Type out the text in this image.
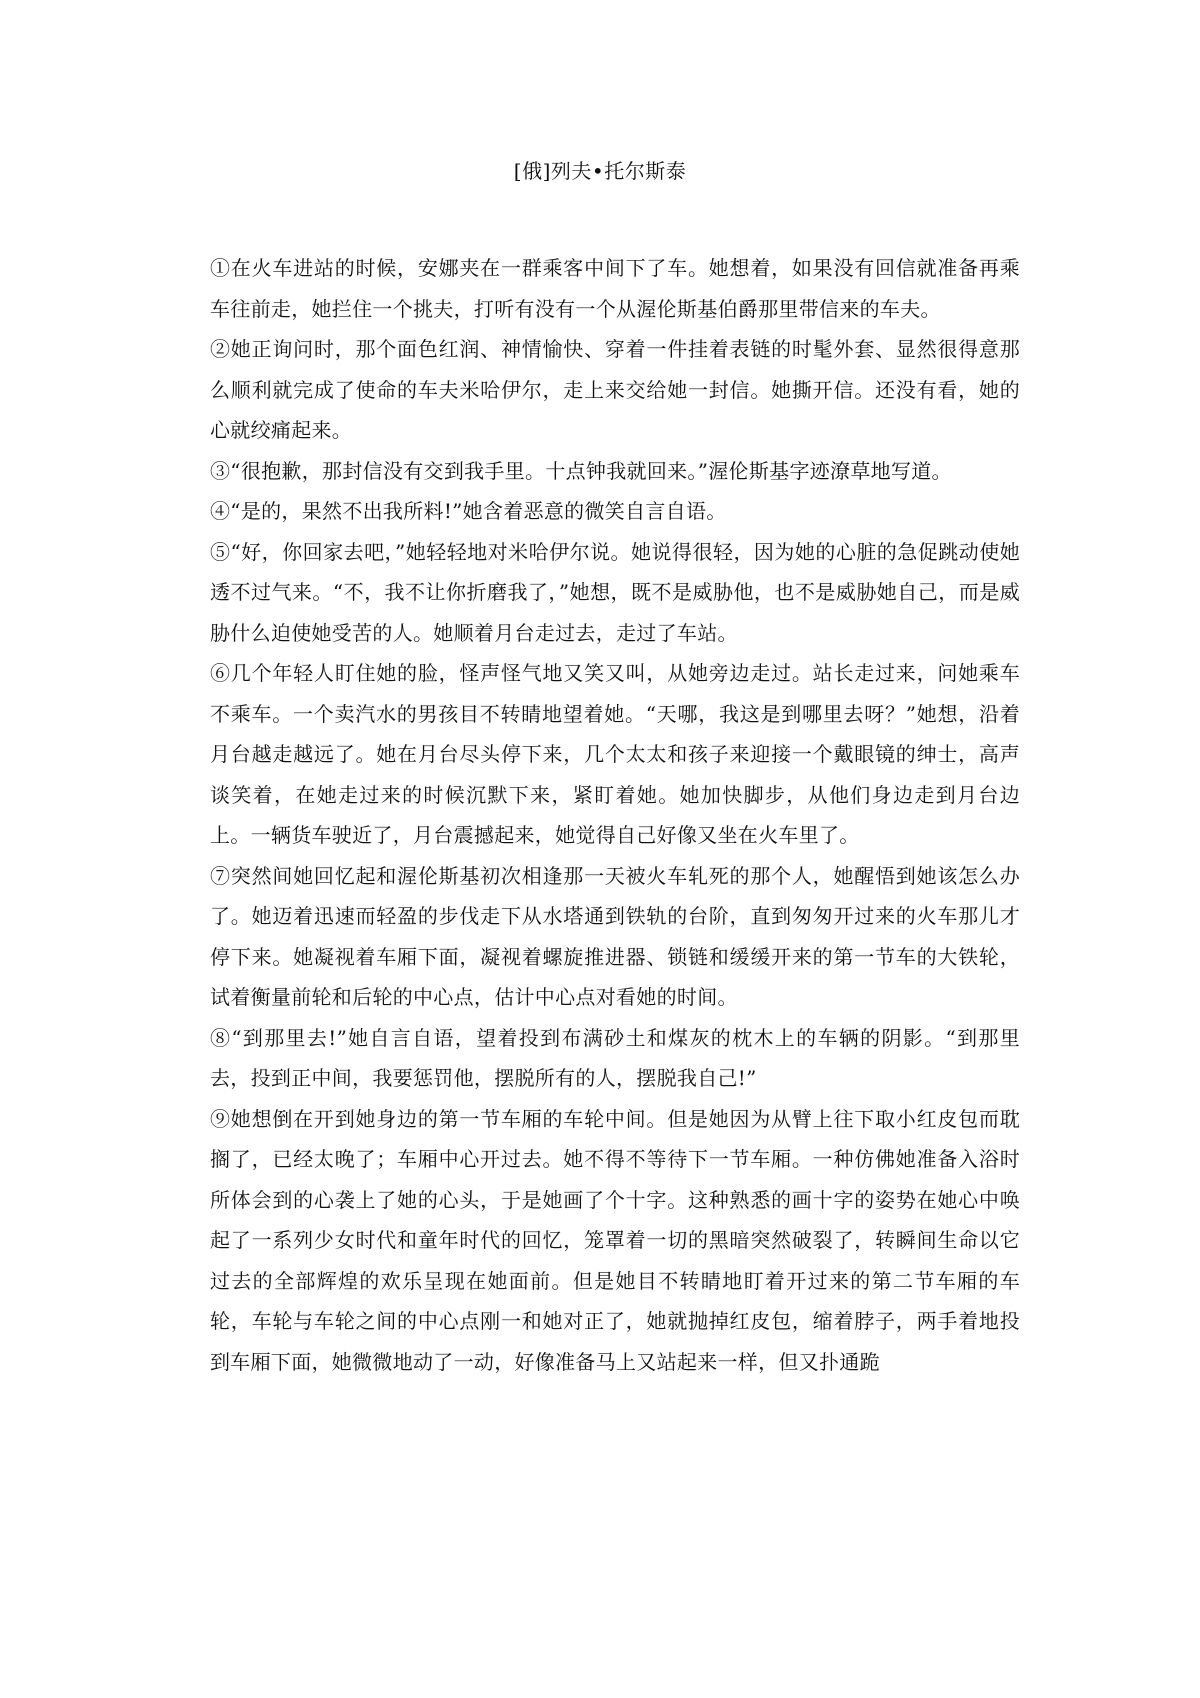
[俄]列夫•托尔斯泰

①在火车进站的时候，安娜夹在一群乘客中间下了车。她想着，如果没有回信就准备再乘车往前走，她拦住一个挑夫，打听有没有一个从渥伦斯基伯爵那里带信来的车夫。

②她正询问时，那个面色红润、神情愉快、穿着一件挂着表链的时髦外套、显然很得意那么顺利就完成了使命的车夫米哈伊尔，走上来交给她一封信。她撕开信。还没有看，她的心就绞痛起来。

③“很抱歉，那封信没有交到我手里。十点钟我就回来。”渥伦斯基字迹潦草地写道。

④“是的，果然不出我所料!”她含着恶意的微笑自言自语。

⑤“好，你回家去吧，”她轻轻地对米哈伊尔说。她说得很轻，因为她的心脏的急促跳动使她透不过气来。“不，我不让你折磨我了，”她想，既不是威胁他，也不是威胁她自己，而是威胁什么迫使她受苦的人。她顺着月台走过去，走过了车站。

⑥几个年轻人盯住她的脸，怪声怪气地又笑又叫，从她旁边走过。站长走过来，问她乘车不乘车。一个卖汽水的男孩目不转睛地望着她。“天哪，我这是到哪里去呀？”她想，沿着月台越走越远了。她在月台尽头停下来，几个太太和孩子来迎接一个戴眼镜的绅士，高声谈笑着，在她走过来的时候沉默下来，紧盯着她。她加快脚步，从他们身边走到月台边上。一辆货车驶近了，月台震撼起来，她觉得自己好像又坐在火车里了。

⑦突然间她回忆起和渥伦斯基初次相逢那一天被火车轧死的那个人，她醒悟到她该怎么办了。她迈着迅速而轻盈的步伐走下从水塔通到铁轨的台阶，直到匆匆开过来的火车那儿才停下来。她凝视着车厢下面，凝视着螺旋推进器、锁链和缓缓开来的第一节车的大铁轮，试着衡量前轮和后轮的中心点，估计中心点对看她的时间。

⑧“到那里去!”她自言自语，望着投到布满砂土和煤灰的枕木上的车辆的阴影。“到那里去，投到正中间，我要惩罚他，摆脱所有的人，摆脱我自己!”

⑨她想倒在开到她身边的第一节车厢的车轮中间。但是她因为从臂上往下取小红皮包而耽搁了，已经太晚了；车厢中心开过去。她不得不等待下一节车厢。一种仿佛她准备入浴时所体会到的心袭上了她的心头，于是她画了个十字。这种熟悉的画十字的姿势在她心中唤起了一系列少女时代和童年时代的回忆，笼罩着一切的黑暗突然破裂了，转瞬间生命以它过去的全部辉煌的欢乐呈现在她面前。但是她目不转睛地盯着开过来的第二节车厢的车轮，车轮与车轮之间的中心点刚一和她对正了，她就抛掉红皮包，缩着脖子，两手着地投到车厢下面，她微微地动了一动，好像准备马上又站起来一样，但又扑通跪
